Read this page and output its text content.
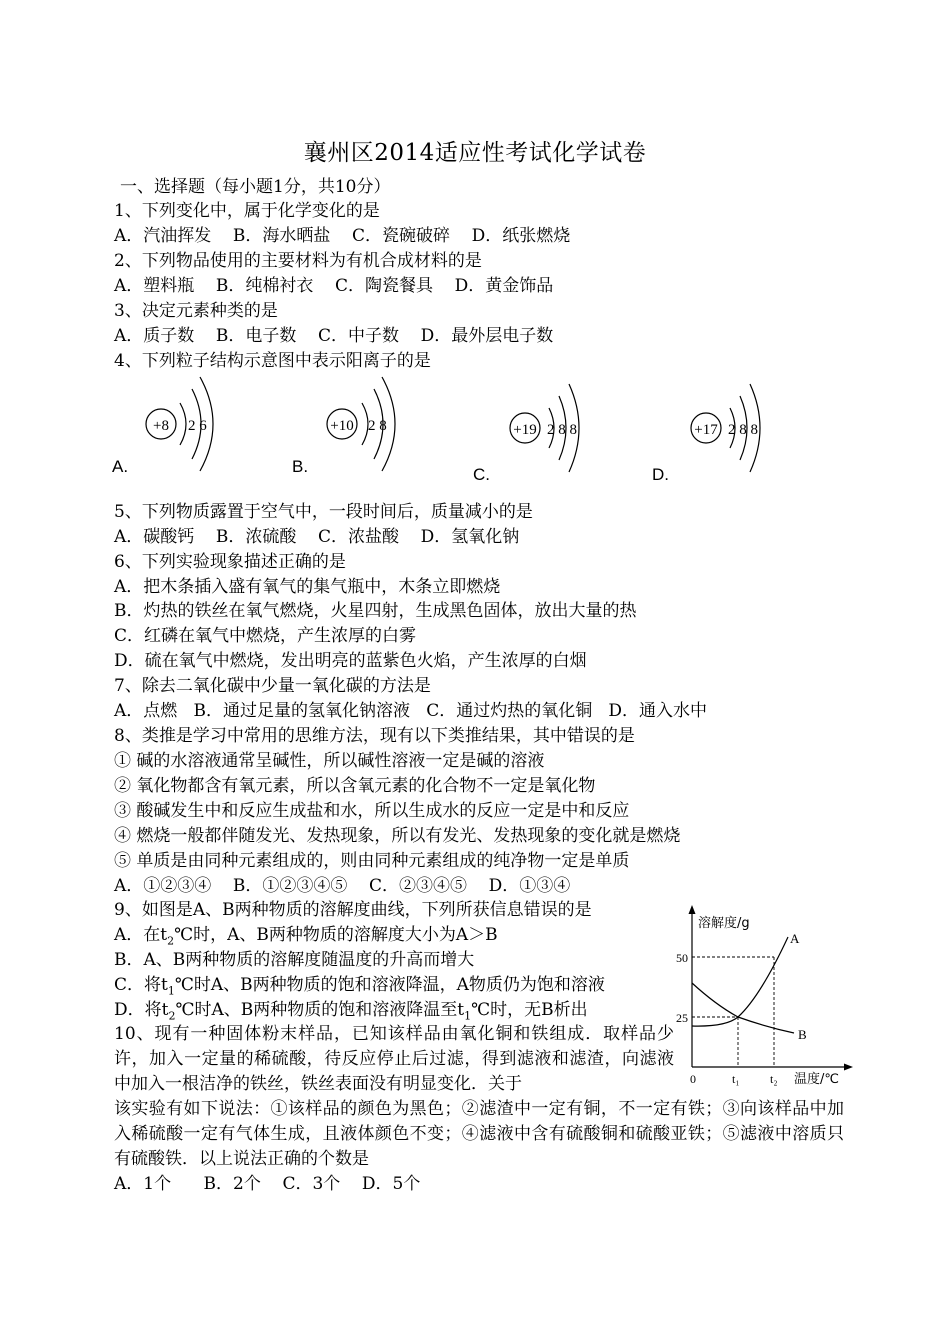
襄州区2014适应性考试化学试卷
一、选择题（每小题1分，共10分）
1、下列变化中，属于化学变化的是
A．汽油挥发    B．海水晒盐    C．瓷碗破碎    D．纸张燃烧
2、下列物品使用的主要材料为有机合成材料的是
A．塑料瓶    B．纯棉衬衣    C．陶瓷餐具    D．黄金饰品
3、决定元素种类的是
A．质子数    B．电子数    C．中子数    D．最外层电子数
4、下列粒子结构示意图中表示阳离子的是
+8 2 6
A.
+10 2 8
B.
+19 2 8 8
C.
+17 2 8 8
D.
5、下列物质露置于空气中，一段时间后，质量减小的是
A．碳酸钙    B．浓硫酸    C．浓盐酸    D．氢氧化钠
6、下列实验现象描述正确的是
A．把木条插入盛有氧气的集气瓶中，木条立即燃烧
B．灼热的铁丝在氧气燃烧，火星四射，生成黑色固体，放出大量的热
C．红磷在氧气中燃烧，产生浓厚的白雾
D．硫在氧气中燃烧，发出明亮的蓝紫色火焰，产生浓厚的白烟
7、除去二氧化碳中少量一氧化碳的方法是
A．点燃   B．通过足量的氢氧化钠溶液   C．通过灼热的氧化铜   D．通入水中
8、类推是学习中常用的思维方法，现有以下类推结果，其中错误的是
① 碱的水溶液通常呈碱性，所以碱性溶液一定是碱的溶液
② 氧化物都含有氧元素，所以含氧元素的化合物不一定是氧化物
③ 酸碱发生中和反应生成盐和水，所以生成水的反应一定是中和反应
④ 燃烧一般都伴随发光、发热现象，所以有发光、发热现象的变化就是燃烧
⑤ 单质是由同种元素组成的，则由同种元素组成的纯净物一定是单质
A．①②③④    B．①②③④⑤    C．②③④⑤    D．①③④
9、如图是A、B两种物质的溶解度曲线，下列所获信息错误的是
A．在$t_2℃$时，A、B两种物质的溶解度大小为A＞B
B．A、B两种物质的溶解度随温度的升高而增大
C．将$t_1℃$时A、B两种物质的饱和溶液降温，A物质仍为饱和溶液
D．将$t_2℃$时A、B两种物质的饱和溶液降温至$t_1℃$时，无B析出
溶解度/g
温度/℃
0
50
25
t₁	t₂
A
B
10、现有一种固体粉末样品，已知该样品由氧化铜和铁组成．取样品少许，加入一定量的稀硫酸，待反应停止后过滤，得到滤液和滤渣，向滤液中加入一根洁净的铁丝，铁丝表面没有明显变化．关于
该实验有如下说法：①该样品的颜色为黑色；②滤渣中一定有铜，不一定有铁；③向该样品中加入稀硫酸一定有气体生成，且液体颜色不变；④滤液中含有硫酸铜和硫酸亚铁；⑤滤液中溶质只有硫酸铁．以上说法正确的个数是
A．1个      B．2个    C．3个    D．5个
